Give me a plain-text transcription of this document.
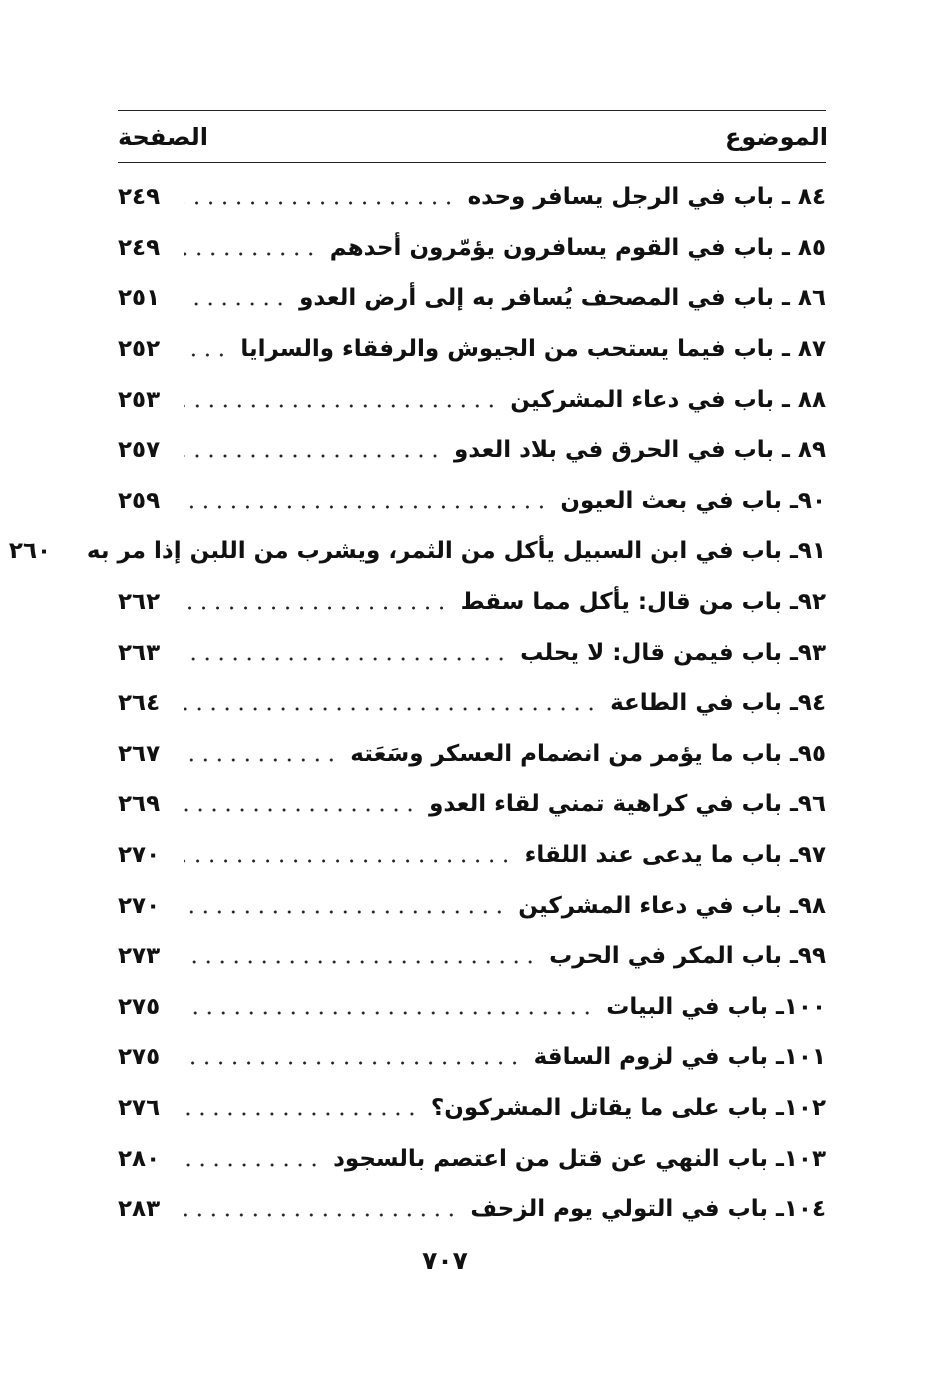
الموضوع
الصفحة
٨٤ ـ باب في الرجل يسافر وحده
٢٤٩
٨٥ ـ باب في القوم يسافرون يؤمّرون أحدهم
٢٤٩
٨٦ ـ باب في المصحف يُسافر به إلى أرض العدو
٢٥١
٨٧ ـ باب فيما يستحب من الجيوش والرفقاء والسرايا
٢٥٢
٨٨ ـ باب في دعاء المشركين
٢٥٣
٨٩ ـ باب في الحرق في بلاد العدو
٢٥٧
٩٠ـ باب في بعث العيون
٢٥٩
٩١ـ باب في ابن السبيل يأكل من الثمر، ويشرب من اللبن إذا مر به
٢٦٠
٩٢ـ باب من قال: يأكل مما سقط
٢٦٢
٩٣ـ باب فيمن قال: لا يحلب
٢٦٣
٩٤ـ باب في الطاعة
٢٦٤
٩٥ـ باب ما يؤمر من انضمام العسكر وسَعَته
٢٦٧
٩٦ـ باب في كراهية تمني لقاء العدو
٢٦٩
٩٧ـ باب ما يدعى عند اللقاء
٢٧٠
٩٨ـ باب في دعاء المشركين
٢٧٠
٩٩ـ باب المكر في الحرب
٢٧٣
١٠٠ـ باب في البيات
٢٧٥
١٠١ـ باب في لزوم الساقة
٢٧٥
١٠٢ـ باب على ما يقاتل المشركون؟
٢٧٦
١٠٣ـ باب النهي عن قتل من اعتصم بالسجود
٢٨٠
١٠٤ـ باب في التولي يوم الزحف
٢٨٣
٧٠٧
